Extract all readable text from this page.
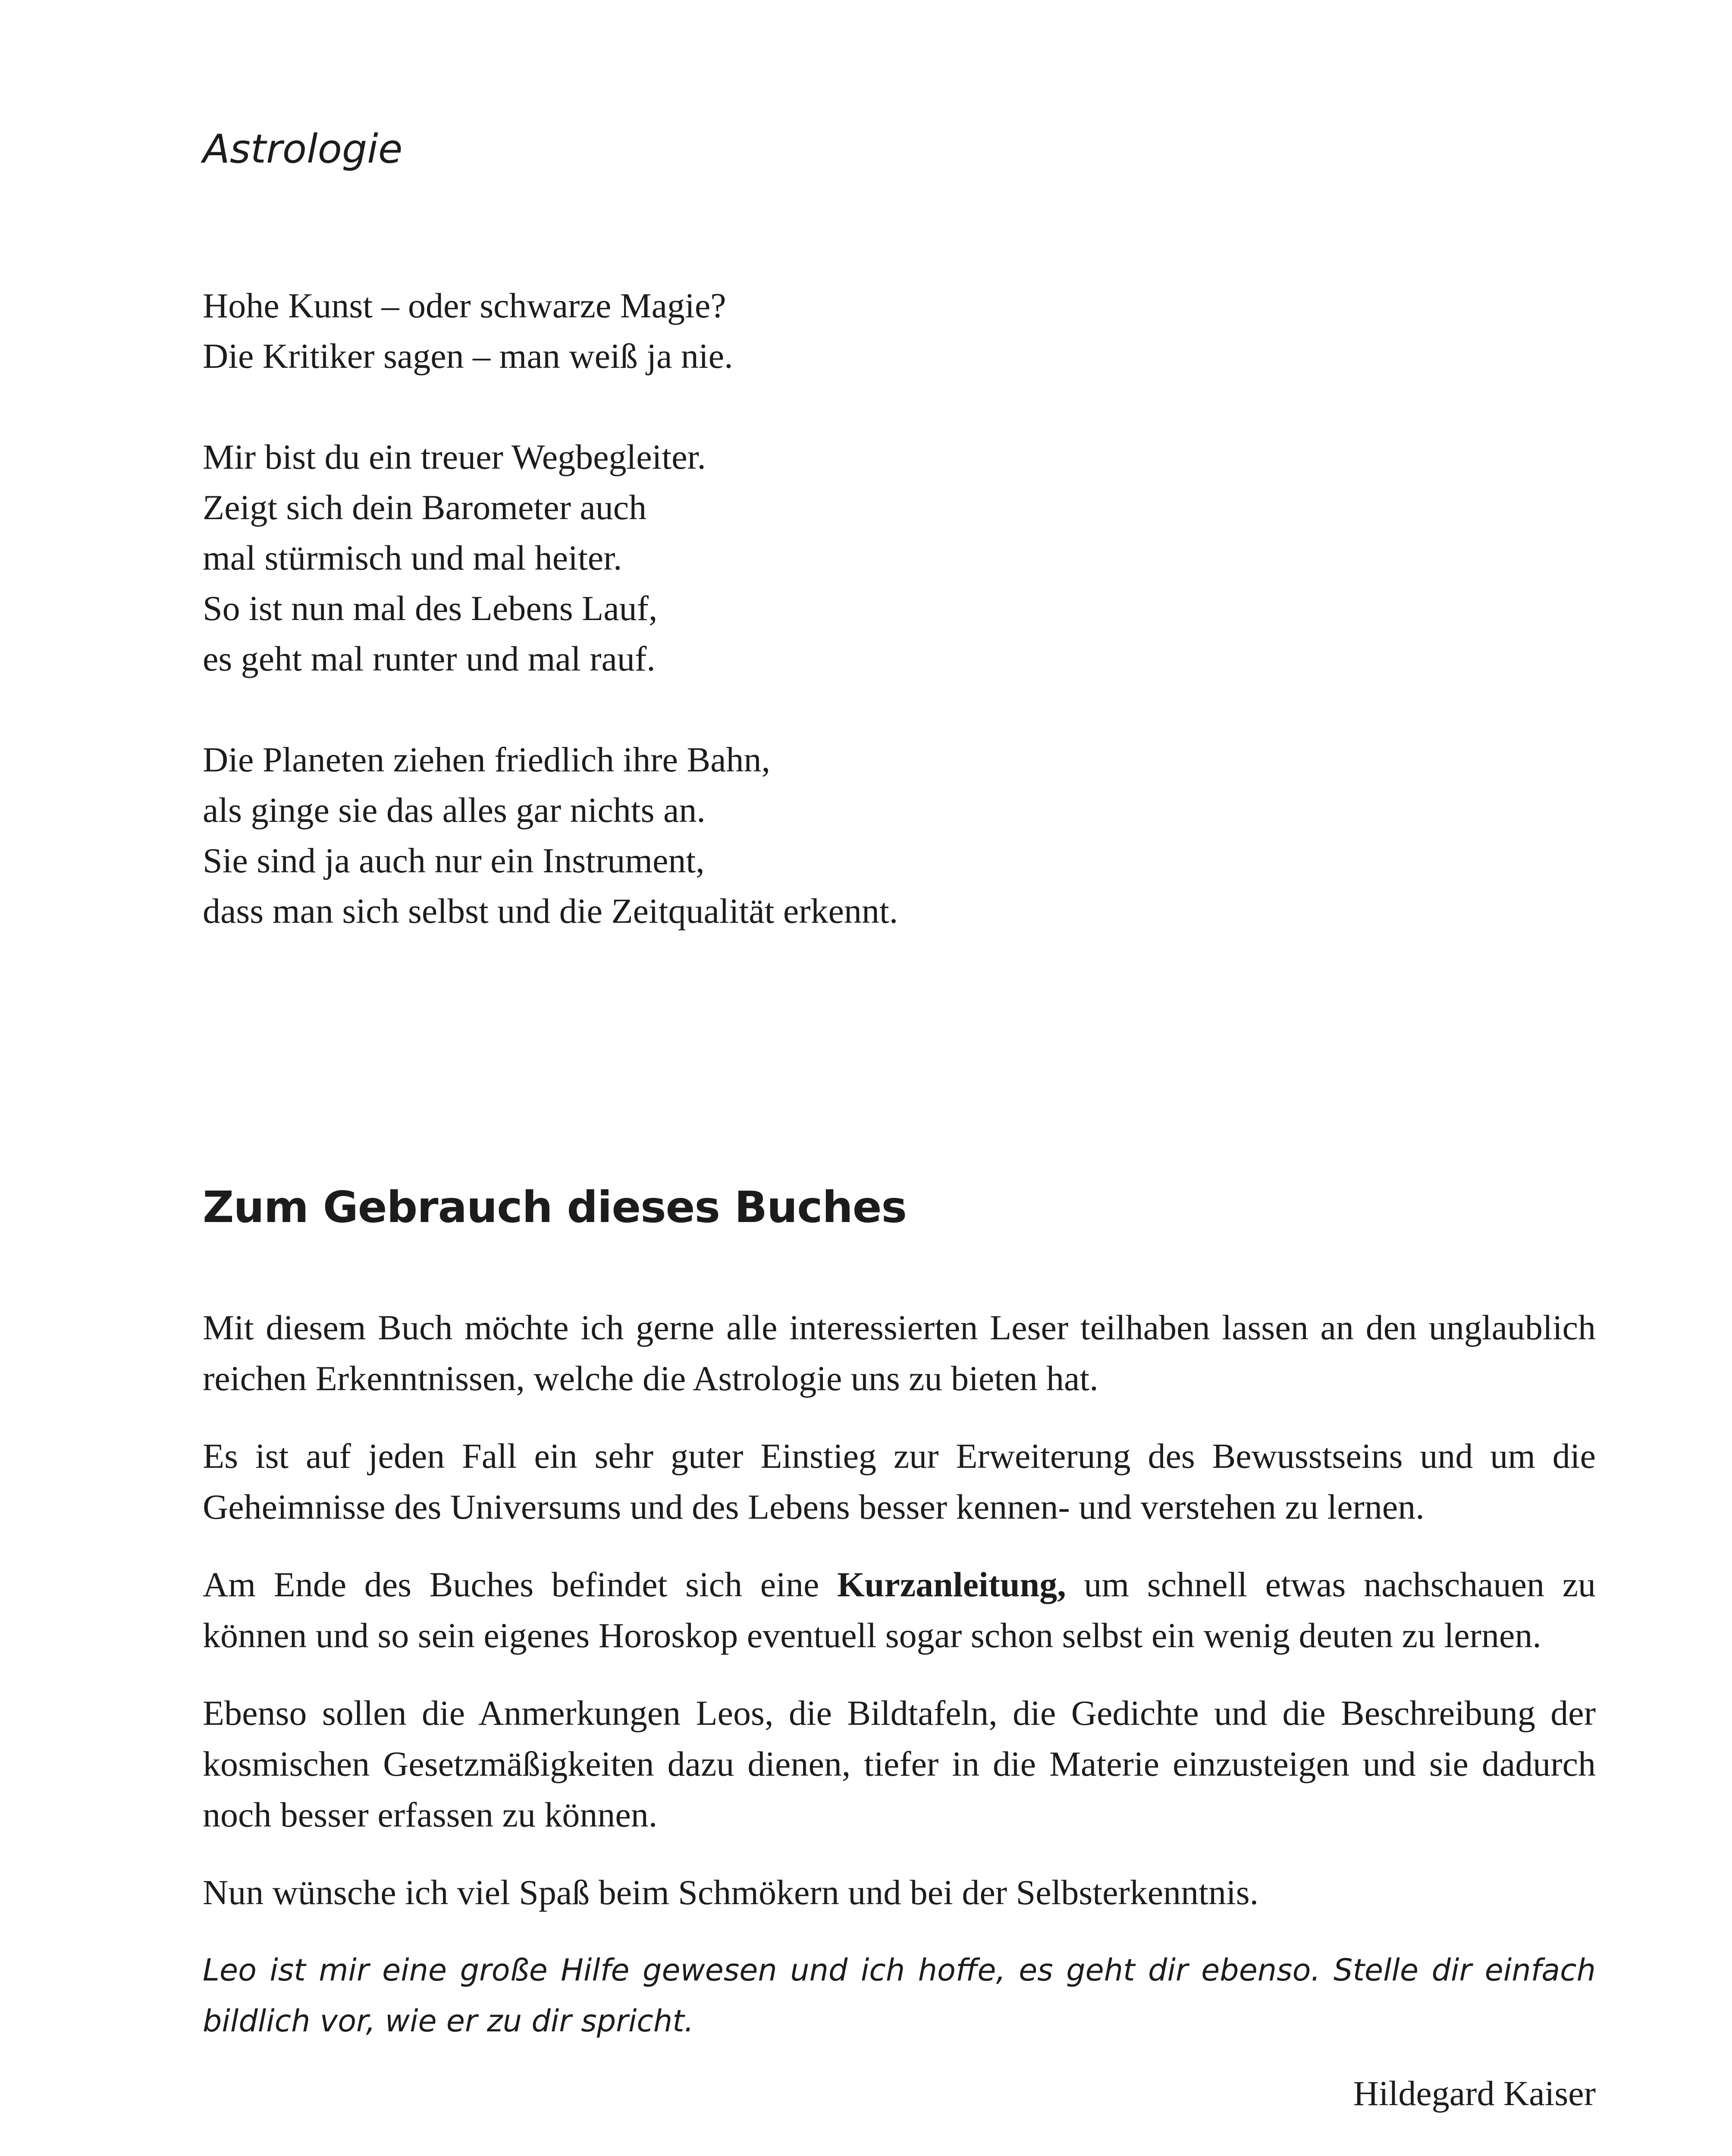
Astrologie
Hohe Kunst – oder schwarze Magie?
Die Kritiker sagen – man weiß ja nie.
Mir bist du ein treuer Wegbegleiter.
Zeigt sich dein Barometer auch
mal stürmisch und mal heiter.
So ist nun mal des Lebens Lauf,
es geht mal runter und mal rauf.
Die Planeten ziehen friedlich ihre Bahn,
als ginge sie das alles gar nichts an.
Sie sind ja auch nur ein Instrument,
dass man sich selbst und die Zeitqualität erkennt.
Zum Gebrauch dieses Buches

Mit diesem Buch möchte ich gerne alle interessierten Leser teilhaben lassen an den unglaublich reichen Erkenntnissen, welche die Astrologie uns zu bieten hat.

Es ist auf jeden Fall ein sehr guter Einstieg zur Erweiterung des Bewusstseins und um die Geheimnisse des Universums und des Lebens besser kennen- und verstehen zu lernen.

Am Ende des Buches befindet sich eine Kurzanleitung, um schnell etwas nachschauen zu können und so sein eigenes Horoskop eventuell sogar schon selbst ein wenig deuten zu lernen.

Ebenso sollen die Anmerkungen Leos, die Bildtafeln, die Gedichte und die Beschreibung der kosmischen Gesetzmäßigkeiten dazu dienen, tiefer in die Materie einzusteigen und sie dadurch noch besser erfassen zu können.

Nun wünsche ich viel Spaß beim Schmökern und bei der Selbsterkenntnis.

Leo ist mir eine große Hilfe gewesen und ich hoffe, es geht dir ebenso. Stelle dir einfach bildlich vor, wie er zu dir spricht.

Hildegard Kaiser
